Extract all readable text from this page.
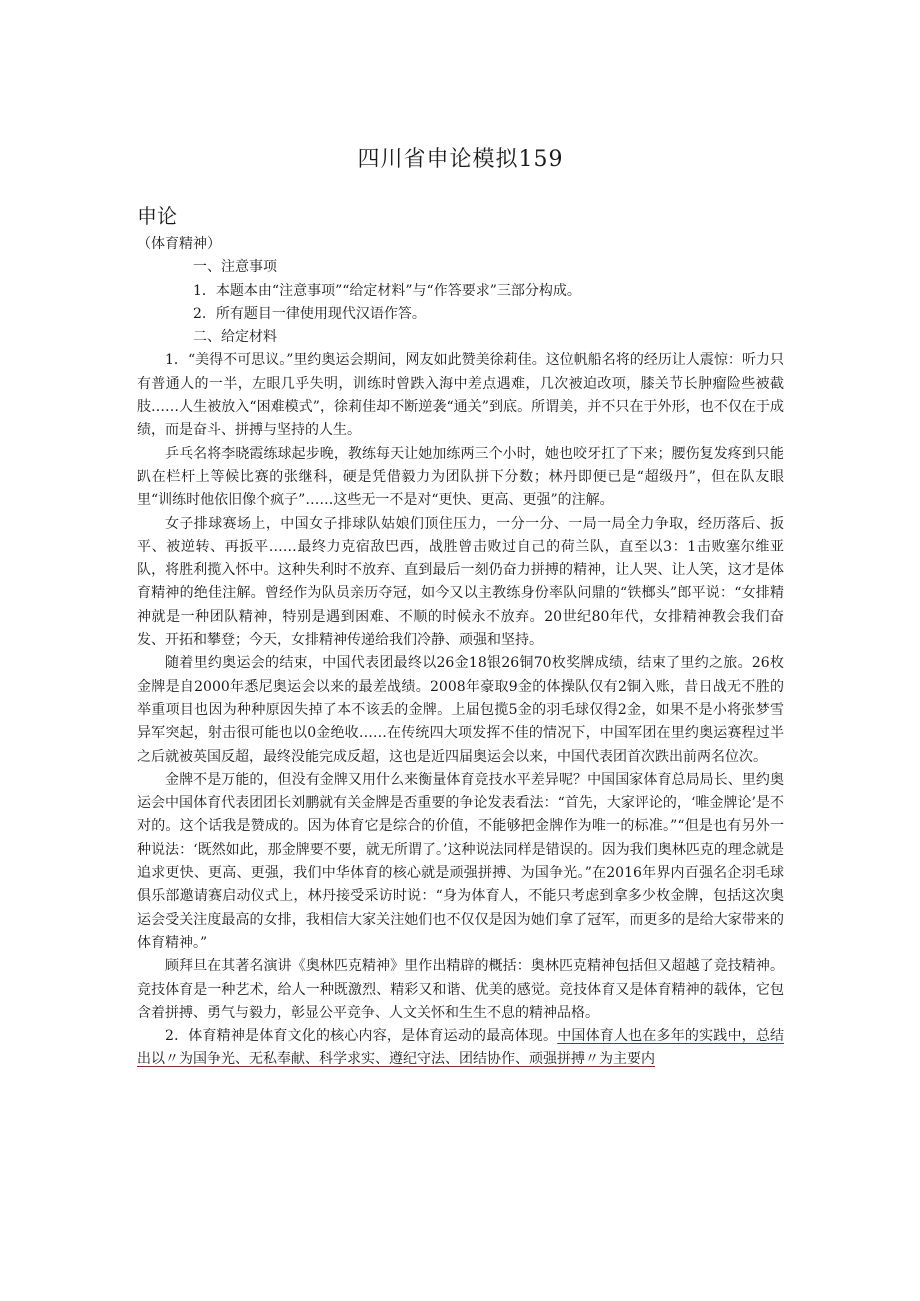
四川省申论模拟159
申论

（体育精神）

一、注意事项

1．本题本由“注意事项”“给定材料”与“作答要求”三部分构成。

2．所有题目一律使用现代汉语作答。

二、给定材料

1．“美得不可思议。”里约奥运会期间，网友如此赞美徐莉佳。这位帆船名将的经历让人震惊：听力只有普通人的一半，左眼几乎失明，训练时曾跌入海中差点遇难，几次被迫改项，膝关节长肿瘤险些被截肢……人生被放入“困难模式”，徐莉佳却不断逆袭“通关”到底。所谓美，并不只在于外形，也不仅在于成绩，而是奋斗、拼搏与坚持的人生。

乒乓名将李晓霞练球起步晚，教练每天让她加练两三个小时，她也咬牙扛了下来；腰伤复发疼到只能趴在栏杆上等候比赛的张继科，硬是凭借毅力为团队拼下分数；林丹即便已是“超级丹”，但在队友眼里“训练时他依旧像个疯子”……这些无一不是对“更快、更高、更强”的注解。

女子排球赛场上，中国女子排球队姑娘们顶住压力，一分一分、一局一局全力争取，经历落后、扳平、被逆转、再扳平……最终力克宿敌巴西，战胜曾击败过自己的荷兰队，直至以3：1击败塞尔维亚队，将胜利揽入怀中。这种失利时不放弃、直到最后一刻仍奋力拼搏的精神，让人哭、让人笑，这才是体育精神的绝佳注解。曾经作为队员亲历夺冠，如今又以主教练身份率队问鼎的“铁榔头”郎平说：“女排精神就是一种团队精神，特别是遇到困难、不顺的时候永不放弃。20世纪80年代，女排精神教会我们奋发、开拓和攀登；今天，女排精神传递给我们冷静、顽强和坚持。

随着里约奥运会的结束，中国代表团最终以26金18银26铜70枚奖牌成绩，结束了里约之旅。26枚金牌是自2000年悉尼奥运会以来的最差战绩。2008年豪取9金的体操队仅有2铜入账，昔日战无不胜的举重项目也因为种种原因失掉了本不该丢的金牌。上届包揽5金的羽毛球仅得2金，如果不是小将张梦雪异军突起，射击很可能也以0金绝收……在传统四大项发挥不佳的情况下，中国军团在里约奥运赛程过半之后就被英国反超，最终没能完成反超，这也是近四届奥运会以来，中国代表团首次跌出前两名位次。

金牌不是万能的，但没有金牌又用什么来衡量体育竞技水平差异呢？中国国家体育总局局长、里约奥运会中国体育代表团团长刘鹏就有关金牌是否重要的争论发表看法：“首先，大家评论的，‘唯金牌论’是不对的。这个话我是赞成的。因为体育它是综合的价值，不能够把金牌作为唯一的标准。”“但是也有另外一种说法：‘既然如此，那金牌要不要，就无所谓了。’这种说法同样是错误的。因为我们奥林匹克的理念就是追求更快、更高、更强，我们中华体育的核心就是顽强拼搏、为国争光。”在2016年界内百强名企羽毛球俱乐部邀请赛启动仪式上，林丹接受采访时说：“身为体育人，不能只考虑到拿多少枚金牌，包括这次奥运会受关注度最高的女排，我相信大家关注她们也不仅仅是因为她们拿了冠军，而更多的是给大家带来的体育精神。”

顾拜旦在其著名演讲《奥林匹克精神》里作出精辟的概括：奥林匹克精神包括但又超越了竞技精神。竞技体育是一种艺术，给人一种既激烈、精彩又和谐、优美的感觉。竞技体育又是体育精神的载体，它包含着拼搏、勇气与毅力，彰显公平竞争、人文关怀和生生不息的精神品格。

2．体育精神是体育文化的核心内容，是体育运动的最高体现。中国体育人也在多年的实践中，总结出以〃为国争光、无私奉献、科学求实、遵纪守法、团结协作、顽强拼搏〃为主要内
